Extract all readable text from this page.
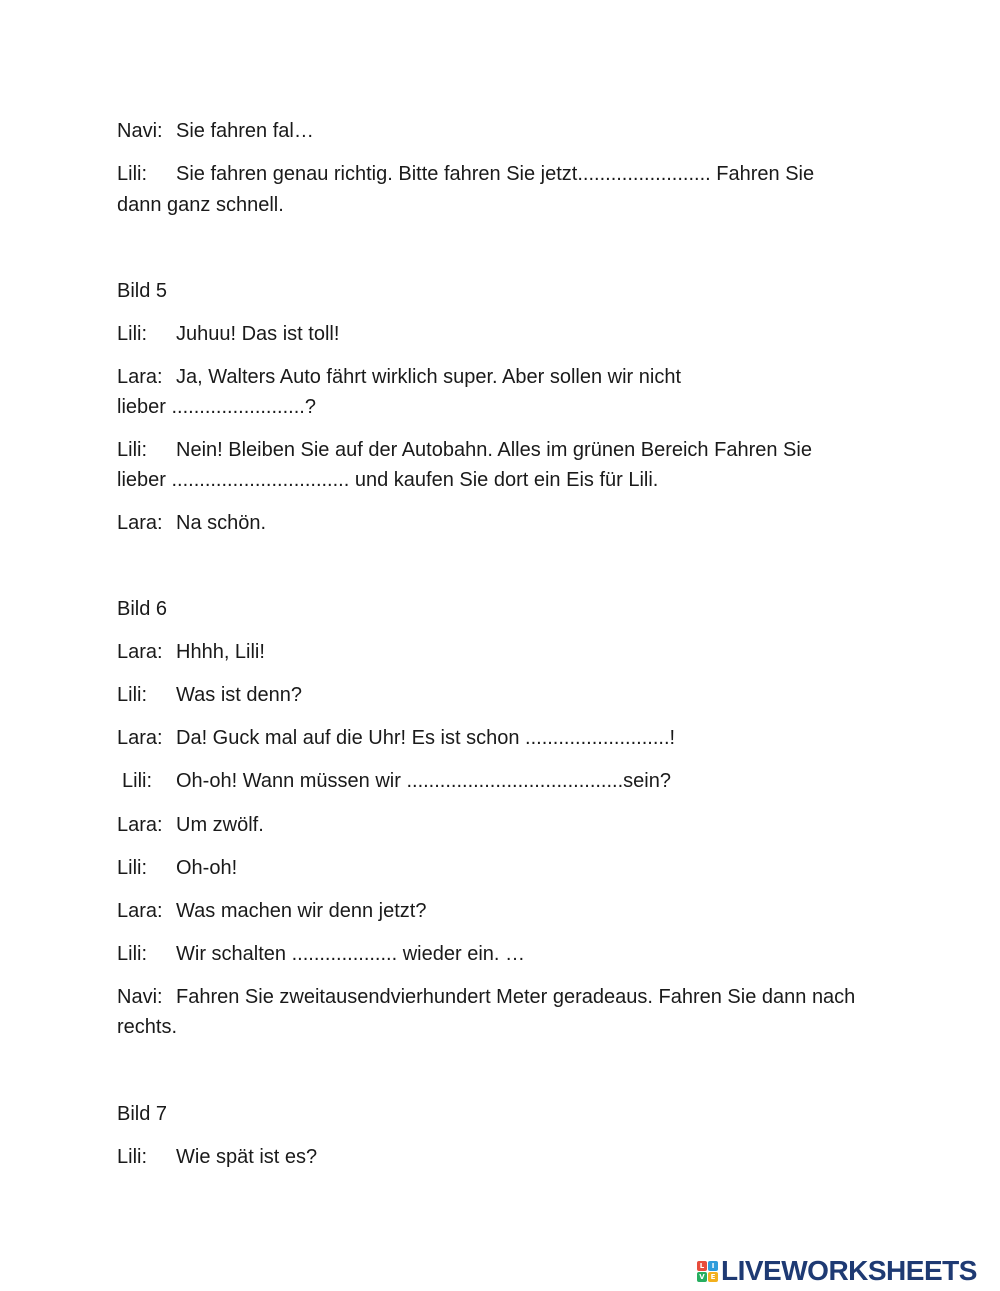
Navi: Sie fahren fal…
Lili: Sie fahren genau richtig. Bitte fahren Sie jetzt........................ Fahren Sie
dann ganz schnell.
Bild 5
Lili: Juhuu! Das ist toll!
Lara: Ja, Walters Auto fährt wirklich super. Aber sollen wir nicht
lieber ........................?
Lili: Nein! Bleiben Sie auf der Autobahn. Alles im grünen Bereich Fahren Sie
lieber ................................ und kaufen Sie dort ein Eis für Lili.
Lara: Na schön.
Bild 6
Lara: Hhhh, Lili!
Lili: Was ist denn?
Lara: Da! Guck mal auf die Uhr! Es ist schon ..........................!
Lili: Oh-oh! Wann müssen wir .......................................sein?
Lara: Um zwölf.
Lili: Oh-oh!
Lara: Was machen wir denn jetzt?
Lili: Wir schalten ................... wieder ein. …
Navi: Fahren Sie zweitausendvierhundert Meter geradeaus. Fahren Sie dann nach
rechts.
Bild 7
Lili: Wie spät ist es?
L	I
V E LIVEWORKSHEETS
